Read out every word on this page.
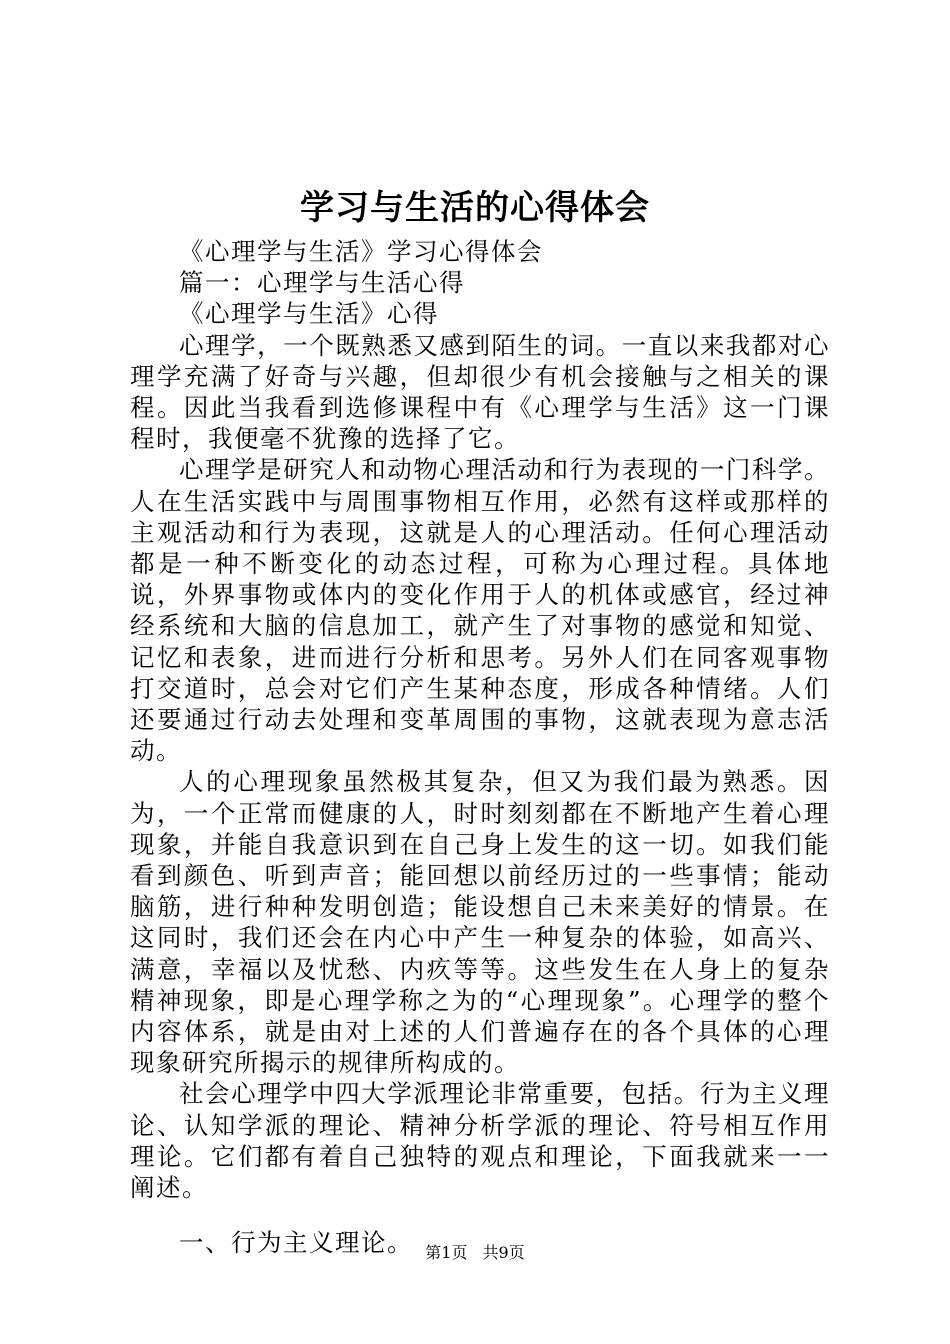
学习与生活的心得体会

《心理学与生活》学习心得体会

篇一：心理学与生活心得

《心理学与生活》心得

心理学，一个既熟悉又感到陌生的词。一直以来我都对心理学充满了好奇与兴趣，但却很少有机会接触与之相关的课程。因此当我看到选修课程中有《心理学与生活》这一门课程时，我便毫不犹豫的选择了它。

心理学是研究人和动物心理活动和行为表现的一门科学。人在生活实践中与周围事物相互作用，必然有这样或那样的主观活动和行为表现，这就是人的心理活动。任何心理活动都是一种不断变化的动态过程，可称为心理过程。具体地说，外界事物或体内的变化作用于人的机体或感官，经过神经系统和大脑的信息加工，就产生了对事物的感觉和知觉、记忆和表象，进而进行分析和思考。另外人们在同客观事物打交道时，总会对它们产生某种态度，形成各种情绪。人们还要通过行动去处理和变革周围的事物，这就表现为意志活动。

人的心理现象虽然极其复杂，但又为我们最为熟悉。因为，一个正常而健康的人，时时刻刻都在不断地产生着心理现象，并能自我意识到在自己身上发生的这一切。如我们能看到颜色、听到声音；能回想以前经历过的一些事情；能动脑筋，进行种种发明创造；能设想自己未来美好的情景。在这同时，我们还会在内心中产生一种复杂的体验，如高兴、满意，幸福以及忧愁、内疚等等。这些发生在人身上的复杂精神现象，即是心理学称之为的“心理现象”。心理学的整个内容体系，就是由对上述的人们普遍存在的各个具体的心理现象研究所揭示的规律所构成的。

社会心理学中四大学派理论非常重要，包括。行为主义理论、认知学派的理论、精神分析学派的理论、符号相互作用理论。它们都有着自己独特的观点和理论，下面我就来一一阐述。

一、行为主义理论。 第1页 共9页
